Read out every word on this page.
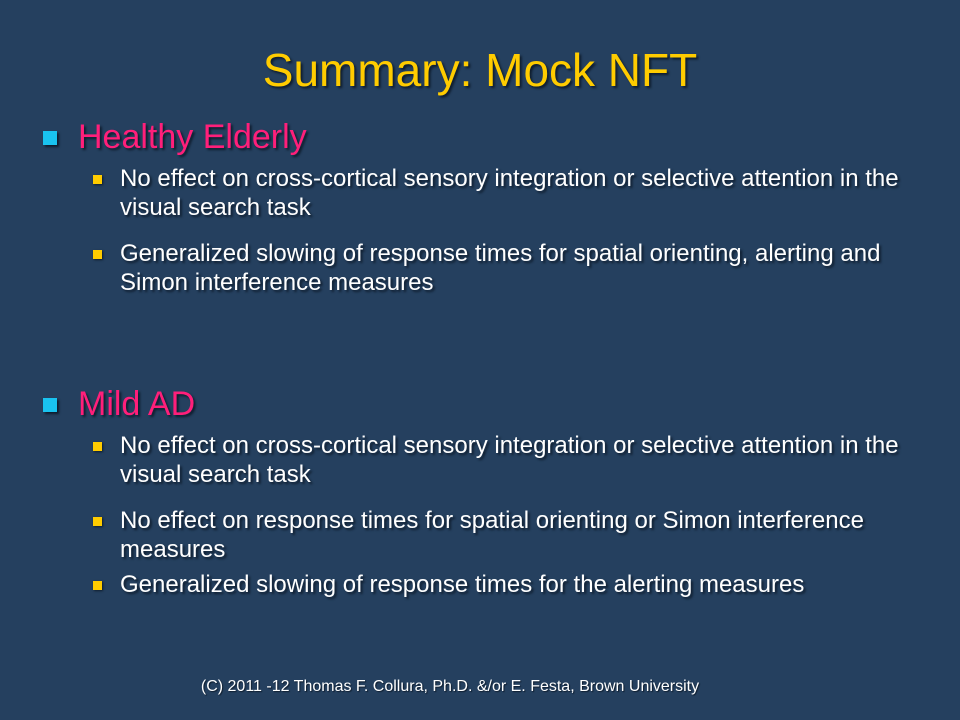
Summary: Mock NFT
Healthy Elderly
No effect on cross-cortical sensory integration or selective attention in the visual search task
Generalized slowing of response times for spatial orienting, alerting and Simon interference measures
Mild AD
No effect on cross-cortical sensory integration or selective attention in the visual search task
No effect on response times for spatial orienting or Simon interference measures
Generalized slowing of response times for the alerting measures
(C) 2011 -12 Thomas F. Collura, Ph.D. &/or E. Festa, Brown University
